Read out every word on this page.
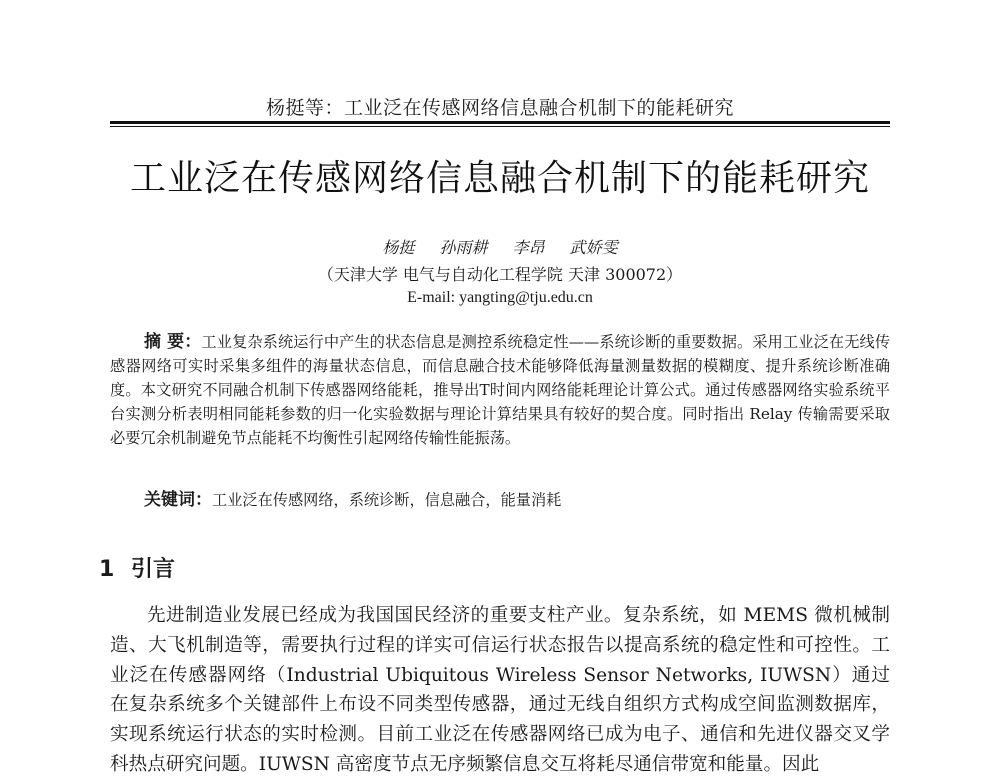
杨挺等：工业泛在传感网络信息融合机制下的能耗研究
工业泛在传感网络信息融合机制下的能耗研究
杨挺 孙雨耕 李昂 武娇雯
（天津大学 电气与自动化工程学院 天津 300072）
E-mail: yangting@tju.edu.cn
摘 要：工业复杂系统运行中产生的状态信息是测控系统稳定性——系统诊断的重要数据。采用工业泛在无线传感器网络可实时采集多组件的海量状态信息，而信息融合技术能够降低海量测量数据的模糊度、提升系统诊断准确度。本文研究不同融合机制下传感器网络能耗，推导出T时间内网络能耗理论计算公式。通过传感器网络实验系统平台实测分析表明相同能耗参数的归一化实验数据与理论计算结果具有较好的契合度。同时指出 Relay 传输需要采取必要冗余机制避免节点能耗不均衡性引起网络传输性能振荡。
关键词：工业泛在传感网络，系统诊断，信息融合，能量消耗
1 引言
先进制造业发展已经成为我国国民经济的重要支柱产业。复杂系统，如 MEMS 微机械制造、大飞机制造等，需要执行过程的详实可信运行状态报告以提高系统的稳定性和可控性。工业泛在传感器网络（Industrial Ubiquitous Wireless Sensor Networks, IUWSN）通过在复杂系统多个关键部件上布设不同类型传感器，通过无线自组织方式构成空间监测数据库，实现系统运行状态的实时检测。目前工业泛在传感器网络已成为电子、通信和先进仪器交叉学科热点研究问题。IUWSN 高密度节点无序频繁信息交互将耗尽通信带宽和能量。因此
